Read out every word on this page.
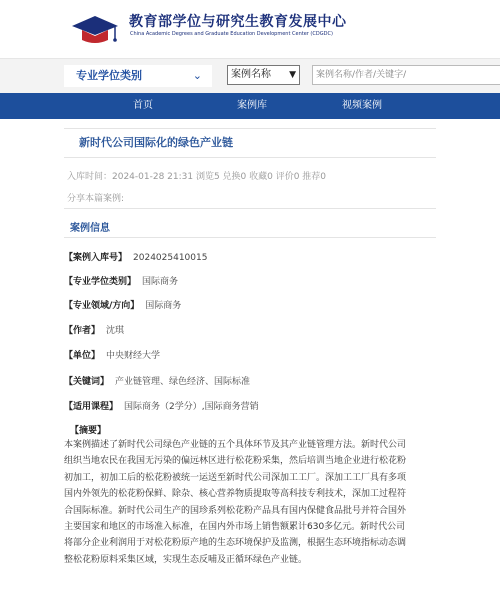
教育部学位与研究生教育发展中心
China Academic Degrees and Graduate Education Development Center (CDGDC)
专业学位类别	⌄	案例名称 ▼	案例名称/作者/关键字/
首页	案例库	视频案例
新时代公司国际化的绿色产业链
入库时间：2024-01-28 21:31 浏览5 兑换0 收藏0 评价0 推荐0
分享本篇案例:
案例信息
【案例入库号】 2024025410015
【专业学位类别】 国际商务
【专业领域/方向】 国际商务
【作者】 沈琪
【单位】 中央财经大学
【关键词】 产业链管理、绿色经济、国际标准
【适用课程】 国际商务（2学分）,国际商务营销
【摘要】
本案例描述了新时代公司绿色产业链的五个具体环节及其产业链管理方法。新时代公司组织当地农民在我国无污染的偏远林区进行松花粉采集，然后培训当地企业进行松花粉初加工，初加工后的松花粉被统一运送至新时代公司深加工工厂。深加工工厂具有多项国内外领先的松花粉保鲜、除杂、核心营养物质提取等高科技专利技术，深加工过程符合国际标准。新时代公司生产的国珍系列松花粉产品具有国内保健食品批号并符合国外主要国家和地区的市场准入标准，在国内外市场上销售额累计630多亿元。新时代公司将部分企业利润用于对松花粉原产地的生态环境保护及监测，根据生态环境指标动态调整松花粉原料采集区域，实现生态反哺及正循环绿色产业链。
